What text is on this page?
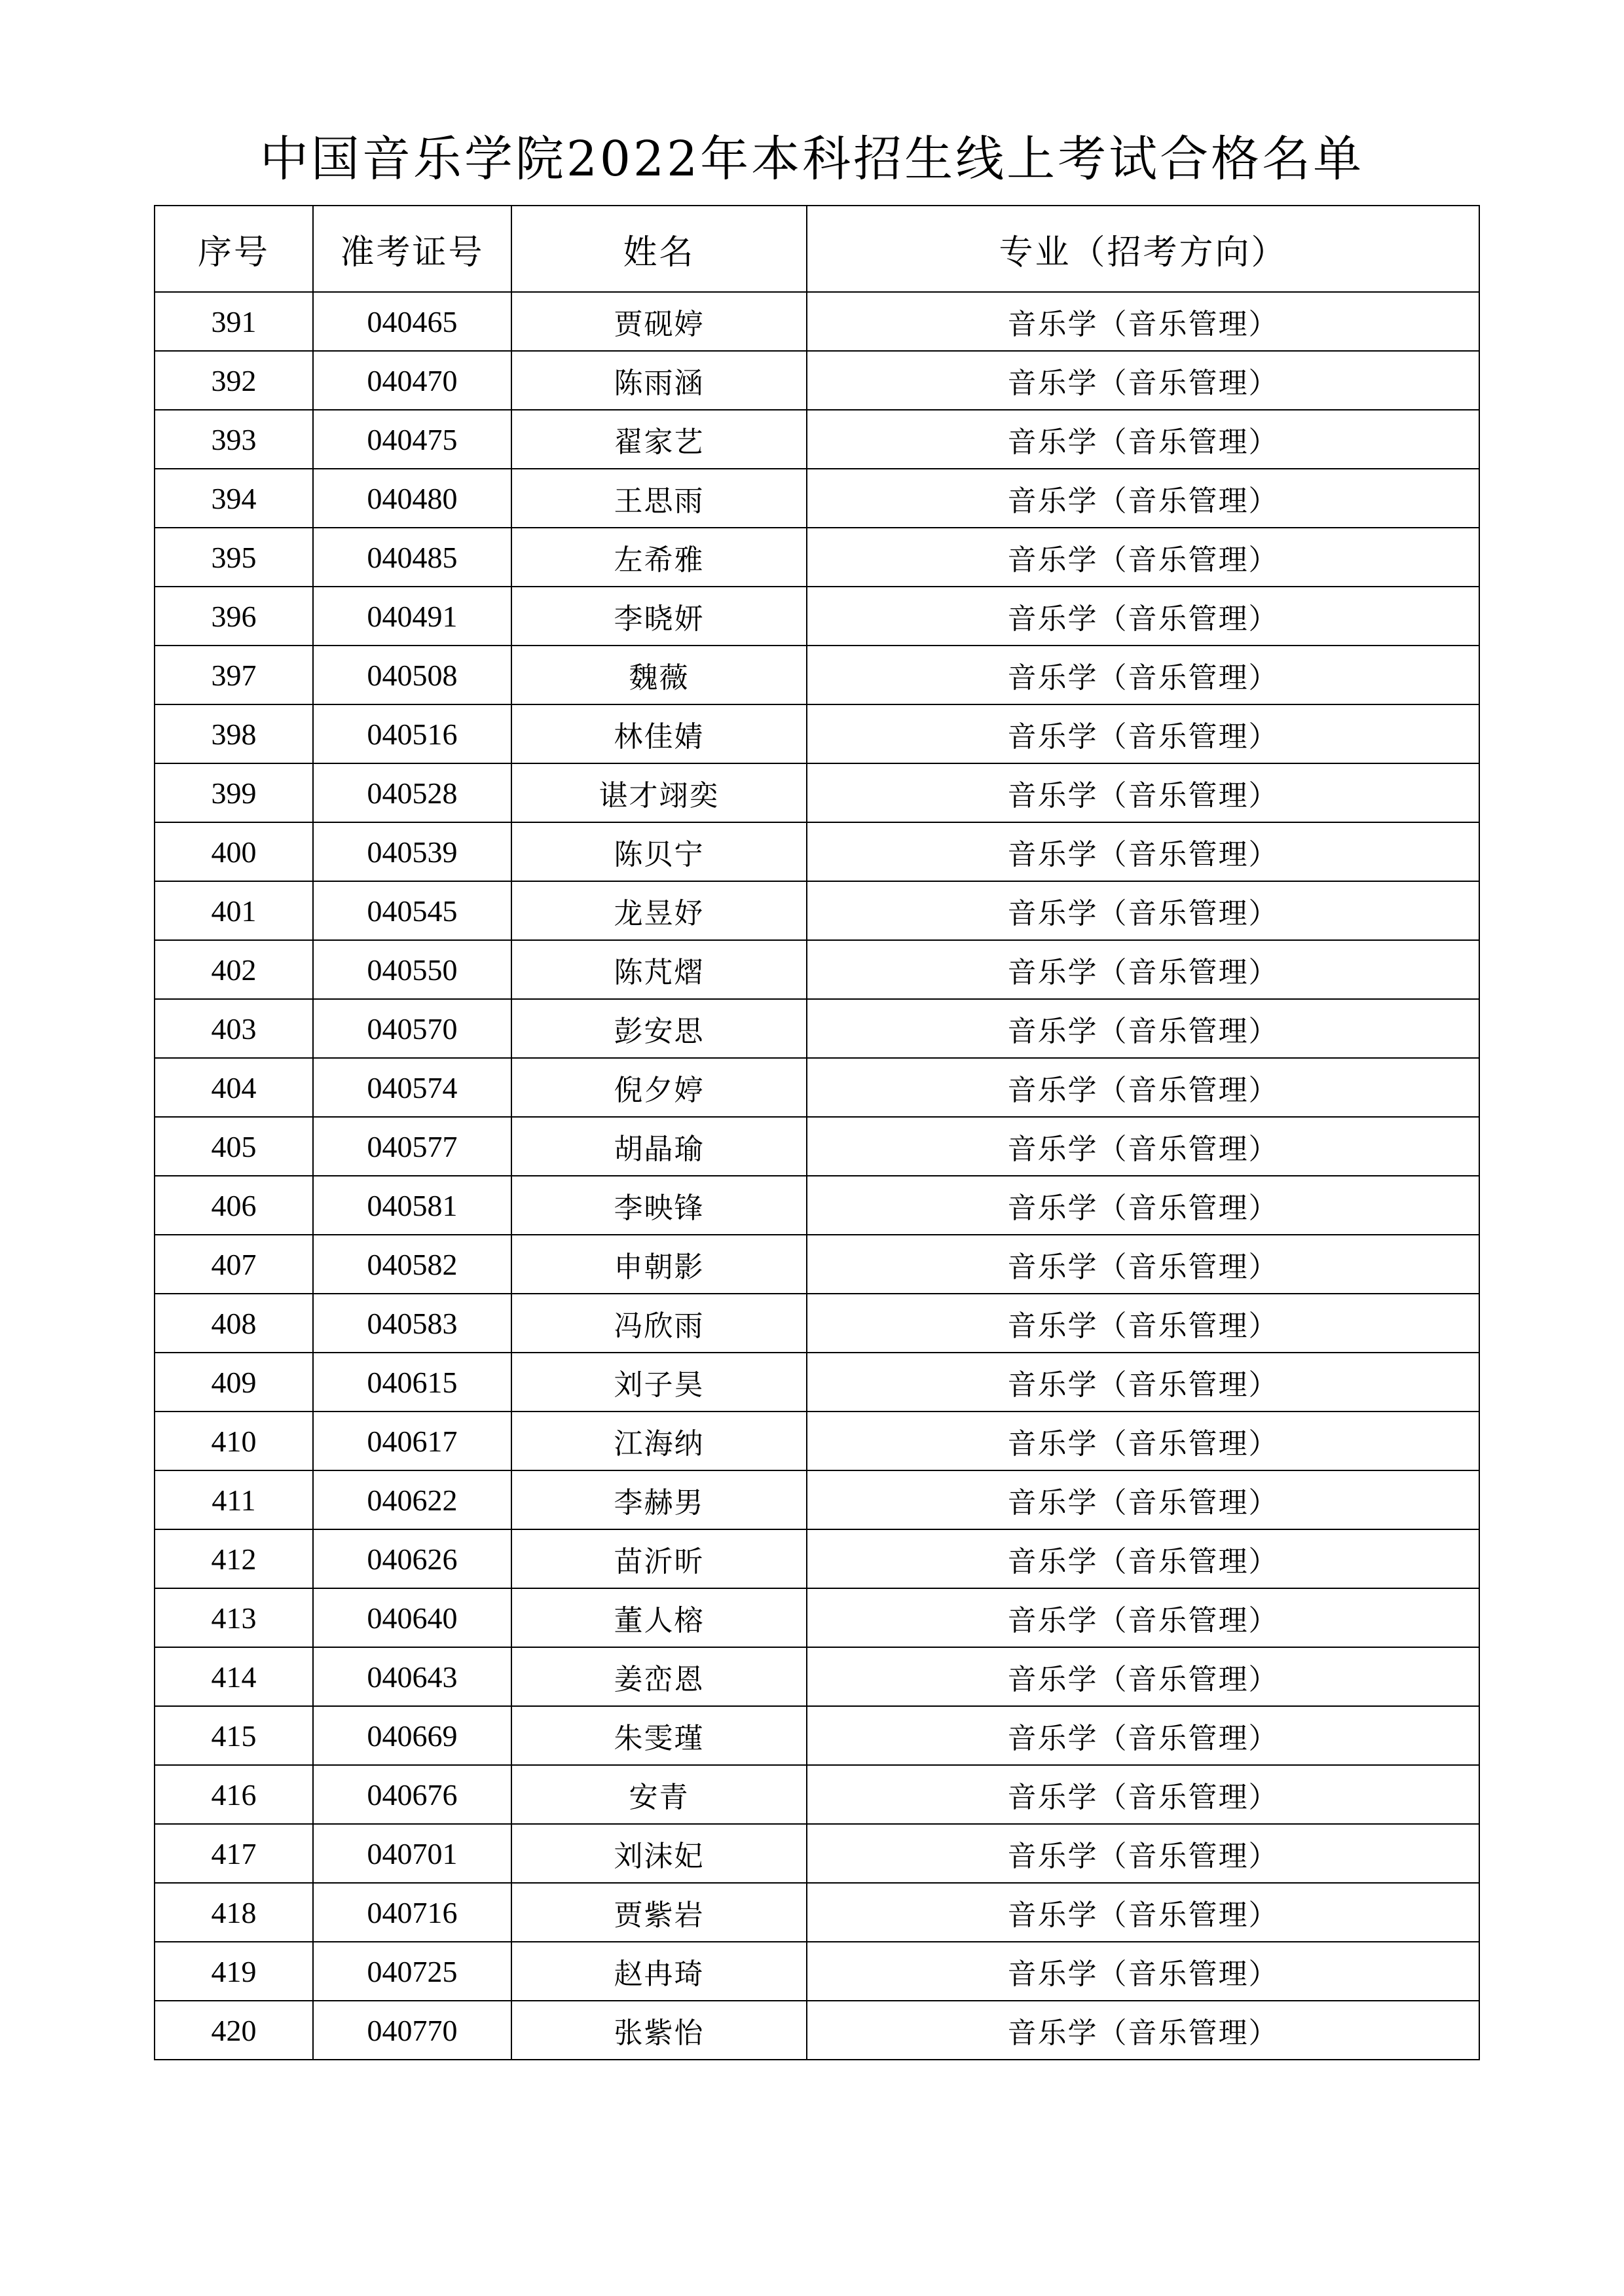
中国音乐学院2022年本科招生线上考试合格名单
序号	准考证号	姓名	专业（招考方向）
391	040465	贾砚婷	音乐学（音乐管理）
392	040470	陈雨涵	音乐学（音乐管理）
393	040475	翟家艺	音乐学（音乐管理）
394	040480	王思雨	音乐学（音乐管理）
395	040485	左希雅	音乐学（音乐管理）
396	040491	李晓妍	音乐学（音乐管理）
397	040508	魏薇	音乐学（音乐管理）
398	040516	林佳婧	音乐学（音乐管理）
399	040528	谌才翊奕	音乐学（音乐管理）
400	040539	陈贝宁	音乐学（音乐管理）
401	040545	龙昱妤	音乐学（音乐管理）
402	040550	陈芃熠	音乐学（音乐管理）
403	040570	彭安思	音乐学（音乐管理）
404	040574	倪夕婷	音乐学（音乐管理）
405	040577	胡晶瑜	音乐学（音乐管理）
406	040581	李映锋	音乐学（音乐管理）
407	040582	申朝影	音乐学（音乐管理）
408	040583	冯欣雨	音乐学（音乐管理）
409	040615	刘子昊	音乐学（音乐管理）
410	040617	江海纳	音乐学（音乐管理）
411	040622	李赫男	音乐学（音乐管理）
412	040626	苗沂昕	音乐学（音乐管理）
413	040640	董人榕	音乐学（音乐管理）
414	040643	姜峦恩	音乐学（音乐管理）
415	040669	朱雯瑾	音乐学（音乐管理）
416	040676	安青	音乐学（音乐管理）
417	040701	刘沫妃	音乐学（音乐管理）
418	040716	贾紫岩	音乐学（音乐管理）
419	040725	赵冉琦	音乐学（音乐管理）
420	040770	张紫怡	音乐学（音乐管理）
